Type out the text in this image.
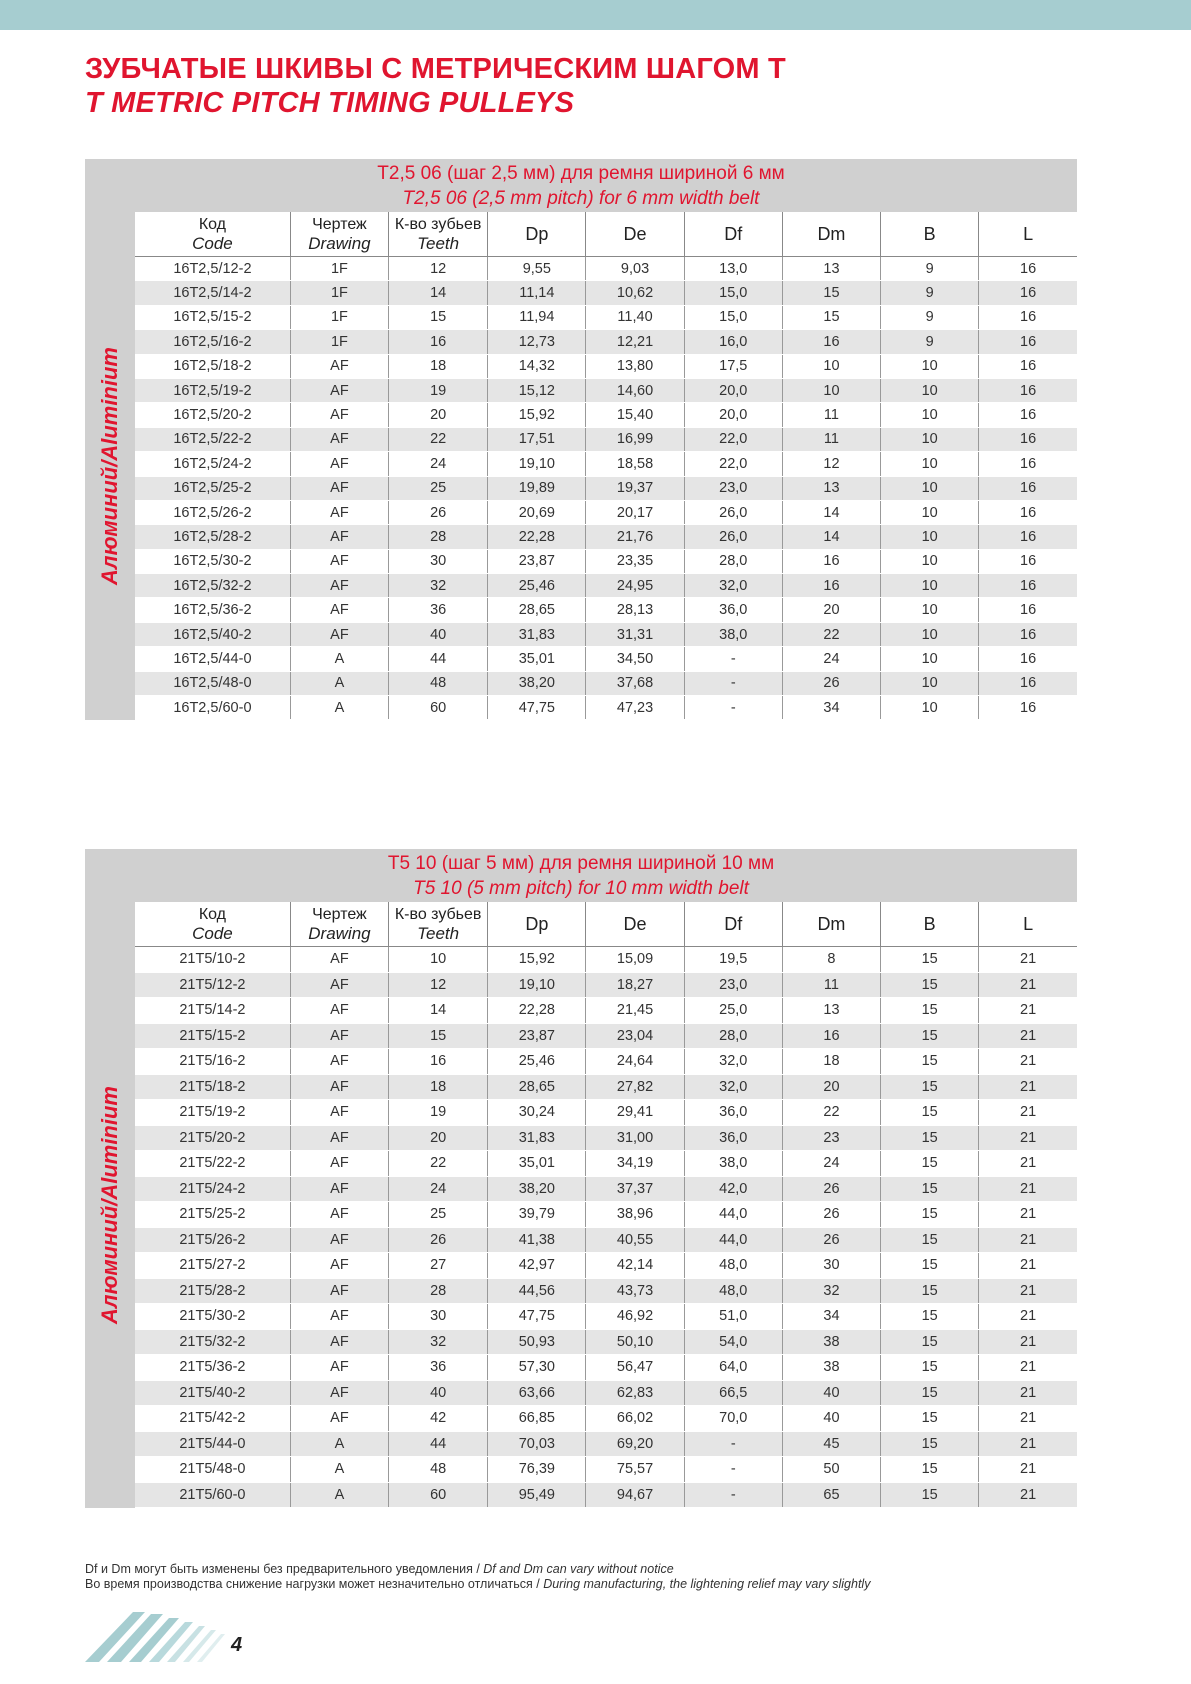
ЗУБЧАТЫЕ ШКИВЫ С МЕТРИЧЕСКИМ ШАГОМ Т
T METRIC PITCH TIMING PULLEYS
T2,5 06 (шаг 2,5 мм) для ремня шириной 6 мм
T2,5 06 (2,5 mm pitch) for 6 mm width belt
Алюминий/Aluminium
Код
Code	Чертеж
Drawing	К-во зубьев
Teeth	Dp	De	Df	Dm	B	L
16T2,5/12-2	1F	12	9,55	9,03	13,0	13	9	16
16T2,5/14-2	1F	14	11,14	10,62	15,0	15	9	16
16T2,5/15-2	1F	15	11,94	11,40	15,0	15	9	16
16T2,5/16-2	1F	16	12,73	12,21	16,0	16	9	16
16T2,5/18-2	AF	18	14,32	13,80	17,5	10	10	16
16T2,5/19-2	AF	19	15,12	14,60	20,0	10	10	16
16T2,5/20-2	AF	20	15,92	15,40	20,0	11	10	16
16T2,5/22-2	AF	22	17,51	16,99	22,0	11	10	16
16T2,5/24-2	AF	24	19,10	18,58	22,0	12	10	16
16T2,5/25-2	AF	25	19,89	19,37	23,0	13	10	16
16T2,5/26-2	AF	26	20,69	20,17	26,0	14	10	16
16T2,5/28-2	AF	28	22,28	21,76	26,0	14	10	16
16T2,5/30-2	AF	30	23,87	23,35	28,0	16	10	16
16T2,5/32-2	AF	32	25,46	24,95	32,0	16	10	16
16T2,5/36-2	AF	36	28,65	28,13	36,0	20	10	16
16T2,5/40-2	AF	40	31,83	31,31	38,0	22	10	16
16T2,5/44-0	A	44	35,01	34,50	-	24	10	16
16T2,5/48-0	A	48	38,20	37,68	-	26	10	16
16T2,5/60-0	A	60	47,75	47,23	-	34	10	16
T5 10 (шаг 5 мм) для ремня шириной 10 мм
T5 10 (5 mm pitch) for 10 mm width belt
Алюминий/Aluminium
Код
Code	Чертеж
Drawing	К-во зубьев
Teeth	Dp	De	Df	Dm	B	L
21T5/10-2	AF	10	15,92	15,09	19,5	8	15	21
21T5/12-2	AF	12	19,10	18,27	23,0	11	15	21
21T5/14-2	AF	14	22,28	21,45	25,0	13	15	21
21T5/15-2	AF	15	23,87	23,04	28,0	16	15	21
21T5/16-2	AF	16	25,46	24,64	32,0	18	15	21
21T5/18-2	AF	18	28,65	27,82	32,0	20	15	21
21T5/19-2	AF	19	30,24	29,41	36,0	22	15	21
21T5/20-2	AF	20	31,83	31,00	36,0	23	15	21
21T5/22-2	AF	22	35,01	34,19	38,0	24	15	21
21T5/24-2	AF	24	38,20	37,37	42,0	26	15	21
21T5/25-2	AF	25	39,79	38,96	44,0	26	15	21
21T5/26-2	AF	26	41,38	40,55	44,0	26	15	21
21T5/27-2	AF	27	42,97	42,14	48,0	30	15	21
21T5/28-2	AF	28	44,56	43,73	48,0	32	15	21
21T5/30-2	AF	30	47,75	46,92	51,0	34	15	21
21T5/32-2	AF	32	50,93	50,10	54,0	38	15	21
21T5/36-2	AF	36	57,30	56,47	64,0	38	15	21
21T5/40-2	AF	40	63,66	62,83	66,5	40	15	21
21T5/42-2	AF	42	66,85	66,02	70,0	40	15	21
21T5/44-0	A	44	70,03	69,20	-	45	15	21
21T5/48-0	A	48	76,39	75,57	-	50	15	21
21T5/60-0	A	60	95,49	94,67	-	65	15	21
Df и Dm могут быть изменены без предварительного уведомления / Df and Dm can vary without notice
Во время производства снижение нагрузки может незначительно отличаться / During manufacturing, the lightening relief may vary slightly
4
